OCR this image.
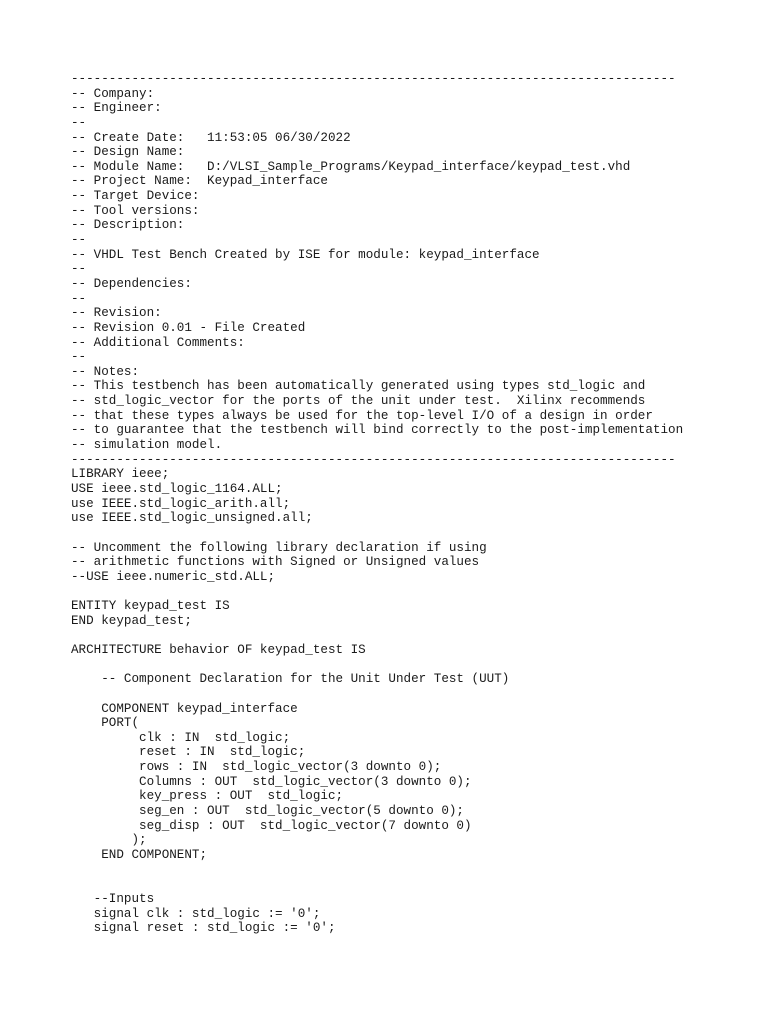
--------------------------------------------------------------------------------
-- Company:
-- Engineer:
--
-- Create Date:   11:53:05 06/30/2022
-- Design Name:
-- Module Name:   D:/VLSI_Sample_Programs/Keypad_interface/keypad_test.vhd
-- Project Name:  Keypad_interface
-- Target Device:
-- Tool versions:
-- Description:
--
-- VHDL Test Bench Created by ISE for module: keypad_interface
--
-- Dependencies:
--
-- Revision:
-- Revision 0.01 - File Created
-- Additional Comments:
--
-- Notes:
-- This testbench has been automatically generated using types std_logic and
-- std_logic_vector for the ports of the unit under test.  Xilinx recommends
-- that these types always be used for the top-level I/O of a design in order
-- to guarantee that the testbench will bind correctly to the post-implementation
-- simulation model.
--------------------------------------------------------------------------------
LIBRARY ieee;
USE ieee.std_logic_1164.ALL;
use IEEE.std_logic_arith.all;
use IEEE.std_logic_unsigned.all;
-- Uncomment the following library declaration if using
-- arithmetic functions with Signed or Unsigned values
--USE ieee.numeric_std.ALL;
ENTITY keypad_test IS
END keypad_test;
ARCHITECTURE behavior OF keypad_test IS
-- Component Declaration for the Unit Under Test (UUT)
COMPONENT keypad_interface
PORT(
clk : IN  std_logic;
reset : IN  std_logic;
rows : IN  std_logic_vector(3 downto 0);
Columns : OUT  std_logic_vector(3 downto 0);
key_press : OUT  std_logic;
seg_en : OUT  std_logic_vector(5 downto 0);
seg_disp : OUT  std_logic_vector(7 downto 0)
);
END COMPONENT;
--Inputs
signal clk : std_logic := '0';
signal reset : std_logic := '0';
